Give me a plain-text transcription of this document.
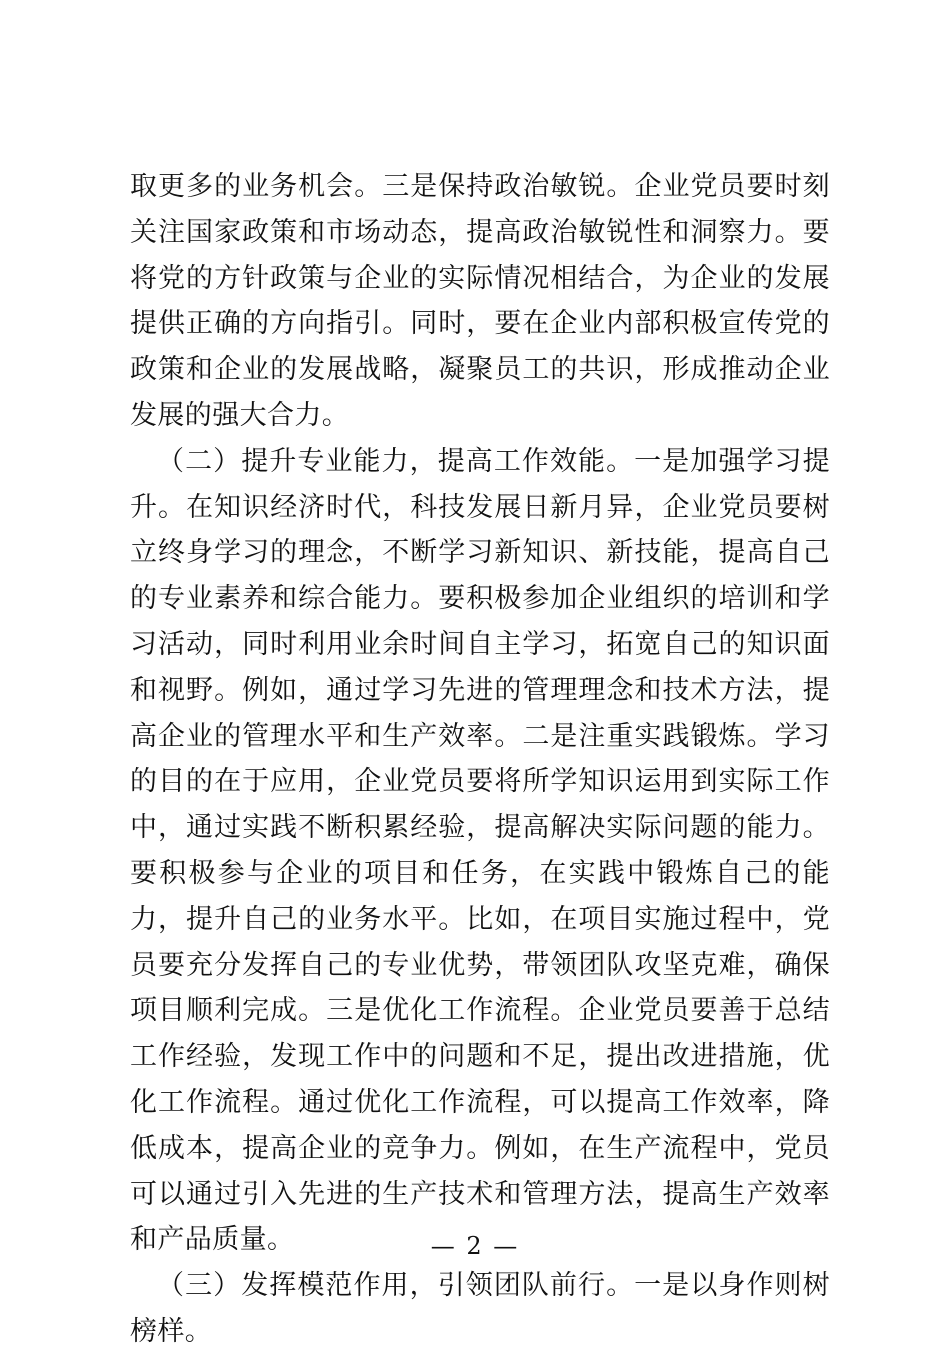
取更多的业务机会。三是保持政治敏锐。企业党员要时刻关注国家政策和市场动态，提高政治敏锐性和洞察力。要将党的方针政策与企业的实际情况相结合，为企业的发展提供正确的方向指引。同时，要在企业内部积极宣传党的政策和企业的发展战略，凝聚员工的共识，形成推动企业发展的强大合力。

（二）提升专业能力，提高工作效能。一是加强学习提升。在知识经济时代，科技发展日新月异，企业党员要树立终身学习的理念，不断学习新知识、新技能，提高自己的专业素养和综合能力。要积极参加企业组织的培训和学习活动，同时利用业余时间自主学习，拓宽自己的知识面和视野。例如，通过学习先进的管理理念和技术方法，提高企业的管理水平和生产效率。二是注重实践锻炼。学习的目的在于应用，企业党员要将所学知识运用到实际工作中，通过实践不断积累经验，提高解决实际问题的能力。要积极参与企业的项目和任务，在实践中锻炼自己的能力，提升自己的业务水平。比如，在项目实施过程中，党员要充分发挥自己的专业优势，带领团队攻坚克难，确保项目顺利完成。三是优化工作流程。企业党员要善于总结工作经验，发现工作中的问题和不足，提出改进措施，优化工作流程。通过优化工作流程，可以提高工作效率，降低成本，提高企业的竞争力。例如，在生产流程中，党员可以通过引入先进的生产技术和管理方法，提高生产效率和产品质量。

（三）发挥模范作用，引领团队前行。一是以身作则树榜样。

— 2 —
